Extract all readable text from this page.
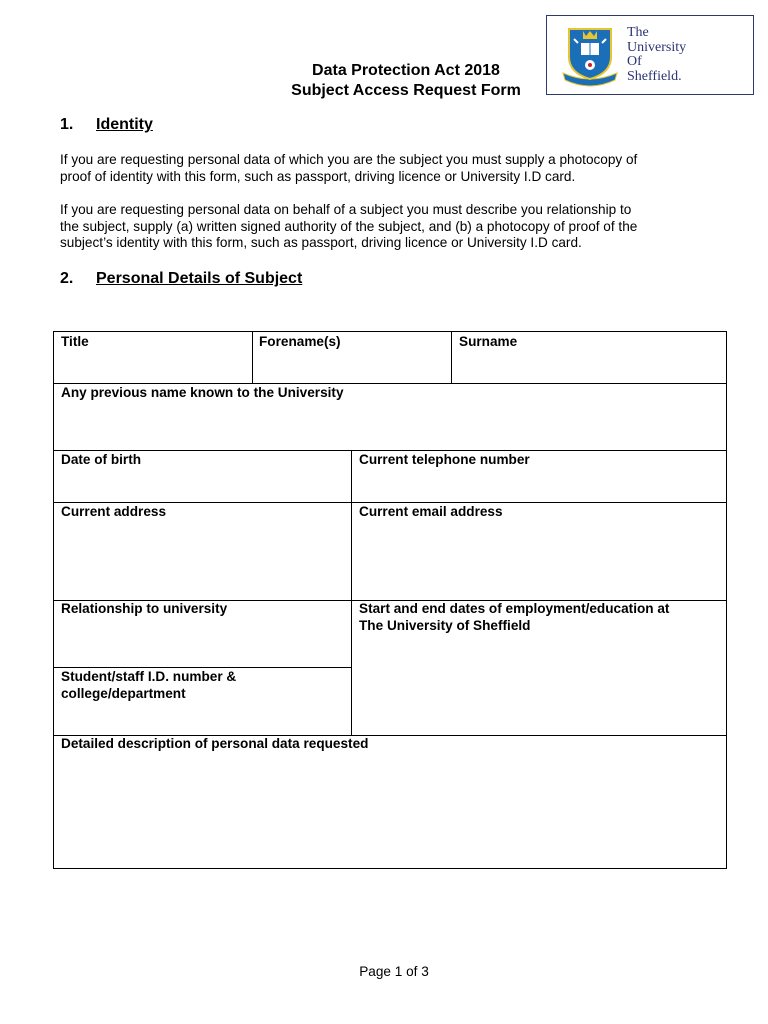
The
University
Of
Sheffield.
Data Protection Act 2018
Subject Access Request Form
1. Identity
If you are requesting personal data of which you are the subject you must supply a photocopy of
proof of identity with this form, such as passport, driving licence or University I.D card.
If you are requesting personal data on behalf of a subject you must describe you relationship to
the subject, supply (a) written signed authority of the subject, and (b) a photocopy of proof of the
subject’s identity with this form, such as passport, driving licence or University I.D card.
2. Personal Details of Subject
Title	Forename(s)	Surname
Any previous name known to the University
Date of birth	Current telephone number
Current address	Current email address
Relationship to university	Start and end dates of employment/education at
The University of Sheffield
Student/staff I.D. number &
college/department
Detailed description of personal data requested
Page 1 of 3
